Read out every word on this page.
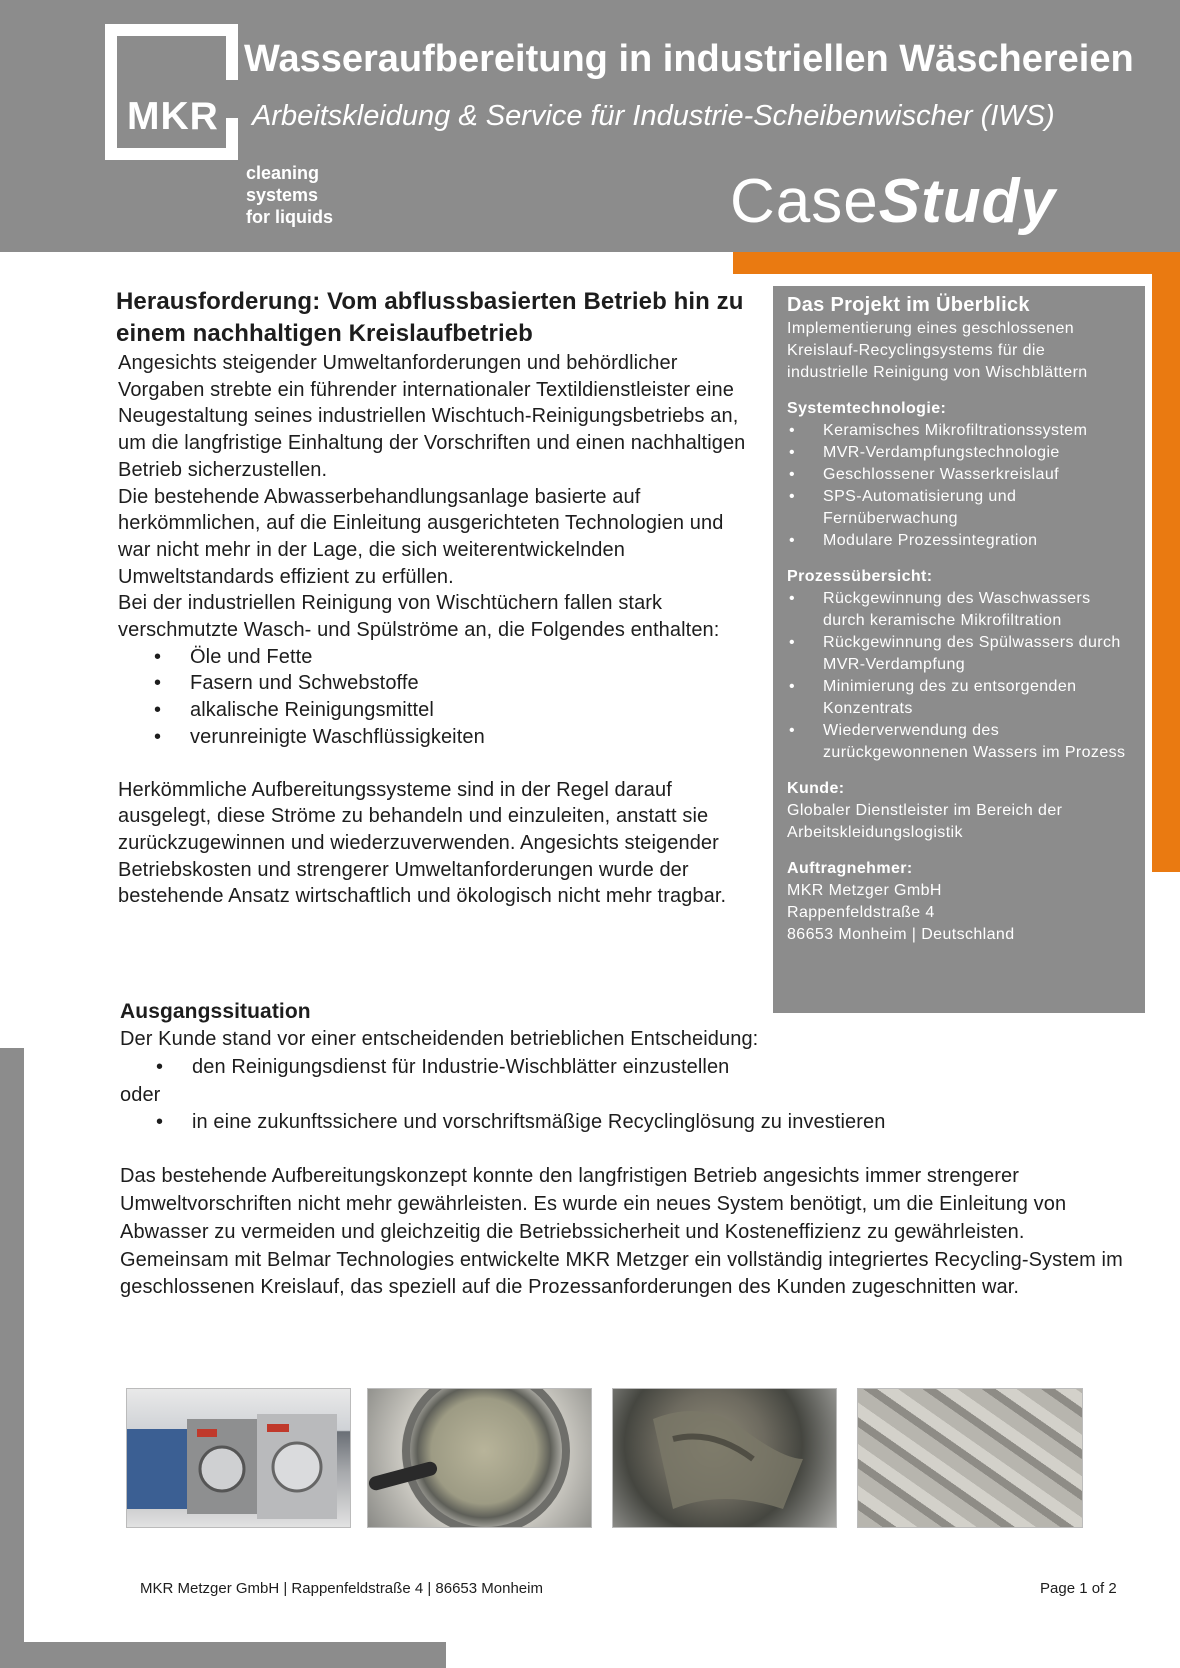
MKR
cleaning
systems
for liquids
Wasseraufbereitung in industriellen Wäschereien
Arbeitskleidung & Service für Industrie-Scheibenwischer (IWS)
CaseStudy
Herausforderung: Vom abflussbasierten Betrieb hin zu einem nachhaltigen Kreislaufbetrieb

Angesichts steigender Umweltanforderungen und behördlicher Vorgaben strebte ein führender internationaler Textildienstleister eine Neugestaltung seines industriellen Wischtuch-Reinigungsbetriebs an, um die langfristige Einhaltung der Vorschriften und einen nachhaltigen Betrieb sicherzustellen.

Die bestehende Abwasserbehandlungsanlage basierte auf herkömmlichen, auf die Einleitung ausgerichteten Technologien und war nicht mehr in der Lage, die sich weiterentwickelnden Umweltstandards effizient zu erfüllen.

Bei der industriellen Reinigung von Wischtüchern fallen stark verschmutzte Wasch- und Spülströme an, die Folgendes enthalten:

• Öle und Fette
• Fasern und Schwebstoffe
• alkalische Reinigungsmittel
• verunreinigte Waschflüssigkeiten

Herkömmliche Aufbereitungssysteme sind in der Regel darauf ausgelegt, diese Ströme zu behandeln und einzuleiten, anstatt sie zurückzugewinnen und wiederzuverwenden. Angesichts steigender Betriebskosten und strengerer Umweltanforderungen wurde der bestehende Ansatz wirtschaftlich und ökologisch nicht mehr tragbar.

Das Projekt im Überblick

Implementierung eines geschlossenen Kreislauf-Recyclingsystems für die industrielle Reinigung von Wischblättern

Systemtechnologie:

• Keramisches Mikrofiltrationssystem
• MVR-Verdampfungstechnologie
• Geschlossener Wasserkreislauf
• SPS-Automatisierung und Fernüberwachung
• Modulare Prozessintegration

Prozessübersicht:

• Rückgewinnung des Waschwassers durch keramische Mikrofiltration
• Rückgewinnung des Spülwassers durch MVR-Verdampfung
• Minimierung des zu entsorgenden Konzentrats
• Wiederverwendung des zurückgewonnenen Wassers im Prozess

Kunde:

Globaler Dienstleister im Bereich der Arbeitskleidungslogistik

Auftragnehmer:

MKR Metzger GmbH

Rappenfeldstraße 4

86653 Monheim | Deutschland

Ausgangssituation

Der Kunde stand vor einer entscheidenden betrieblichen Entscheidung:

• den Reinigungsdienst für Industrie-Wischblätter einzustellen

oder

• in eine zukunftssichere und vorschriftsmäßige Recyclinglösung zu investieren

Das bestehende Aufbereitungskonzept konnte den langfristigen Betrieb angesichts immer strengerer Umweltvorschriften nicht mehr gewährleisten. Es wurde ein neues System benötigt, um die Einleitung von Abwasser zu vermeiden und gleichzeitig die Betriebssicherheit und Kosteneffizienz zu gewährleisten.

Gemeinsam mit Belmar Technologies entwickelte MKR Metzger ein vollständig integriertes Recycling-System im geschlossenen Kreislauf, das speziell auf die Prozessanforderungen des Kunden zugeschnitten war.

MKR Metzger GmbH | Rappenfeldstraße 4 | 86653 Monheim	Page 1 of 2
